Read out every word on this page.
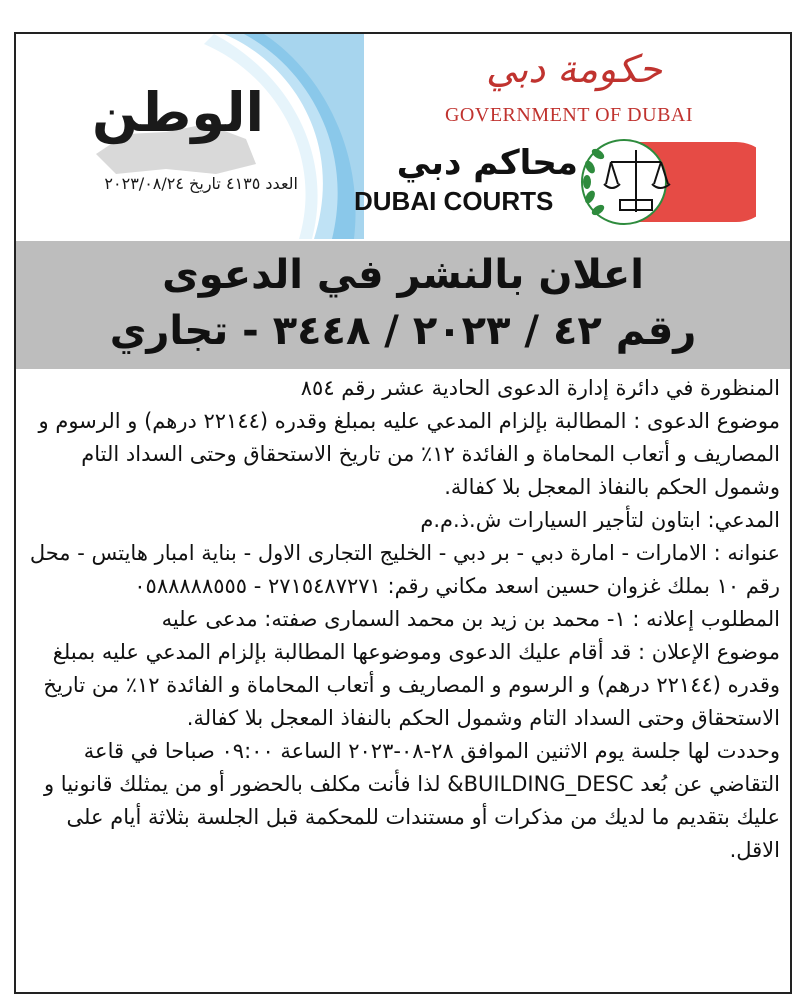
الوطن
العدد ٤١٣٥ تاريخ ٢٠٢٣/٠٨/٢٤
حكومة دبي
GOVERNMENT OF DUBAI
محاكم دبي
DUBAI COURTS
اعلان بالنشر في الدعوى
رقم ٤٢ / ٢٠٢٣ / ٣٤٤٨ - تجاري

المنظورة في دائرة إدارة الدعوى الحادية عشر رقم ٨٥٤

موضوع الدعوى : المطالبة بإلزام المدعي عليه بمبلغ وقدره (٢٢١٤٤ درهم) و الرسوم و المصاريف و أتعاب المحاماة و الفائدة ١٢٪ من تاريخ الاستحقاق وحتى السداد التام وشمول الحكم بالنفاذ المعجل بلا كفالة.

المدعي: ابتاون لتأجير السيارات ش.ذ.م.م

عنوانه : الامارات - امارة دبي - بر دبي - الخليج التجارى الاول - بناية امبار هايتس - محل رقم ١٠ بملك غزوان حسين اسعد مكاني رقم: ٢٧١٥٤٨٧٢٧١ - ٠٥٨٨٨٨٨٥٥٥

المطلوب إعلانه : ١- محمد بن زيد بن محمد السمارى صفته: مدعى عليه

موضوع الإعلان : قد أقام عليك الدعوى وموضوعها المطالبة بإلزام المدعي عليه بمبلغ وقدره (٢٢١٤٤ درهم) و الرسوم و المصاريف و أتعاب المحاماة و الفائدة ١٢٪ من تاريخ الاستحقاق وحتى السداد التام وشمول الحكم بالنفاذ المعجل بلا كفالة.

وحددت لها جلسة يوم الاثنين الموافق ٢٨-٠٨-٢٠٢٣ الساعة ٠٩:٠٠ صباحا في قاعة التقاضي عن بُعد BUILDING_DESC& لذا فأنت مكلف بالحضور أو من يمثلك قانونيا و عليك بتقديم ما لديك من مذكرات أو مستندات للمحكمة قبل الجلسة بثلاثة أيام على الاقل.
